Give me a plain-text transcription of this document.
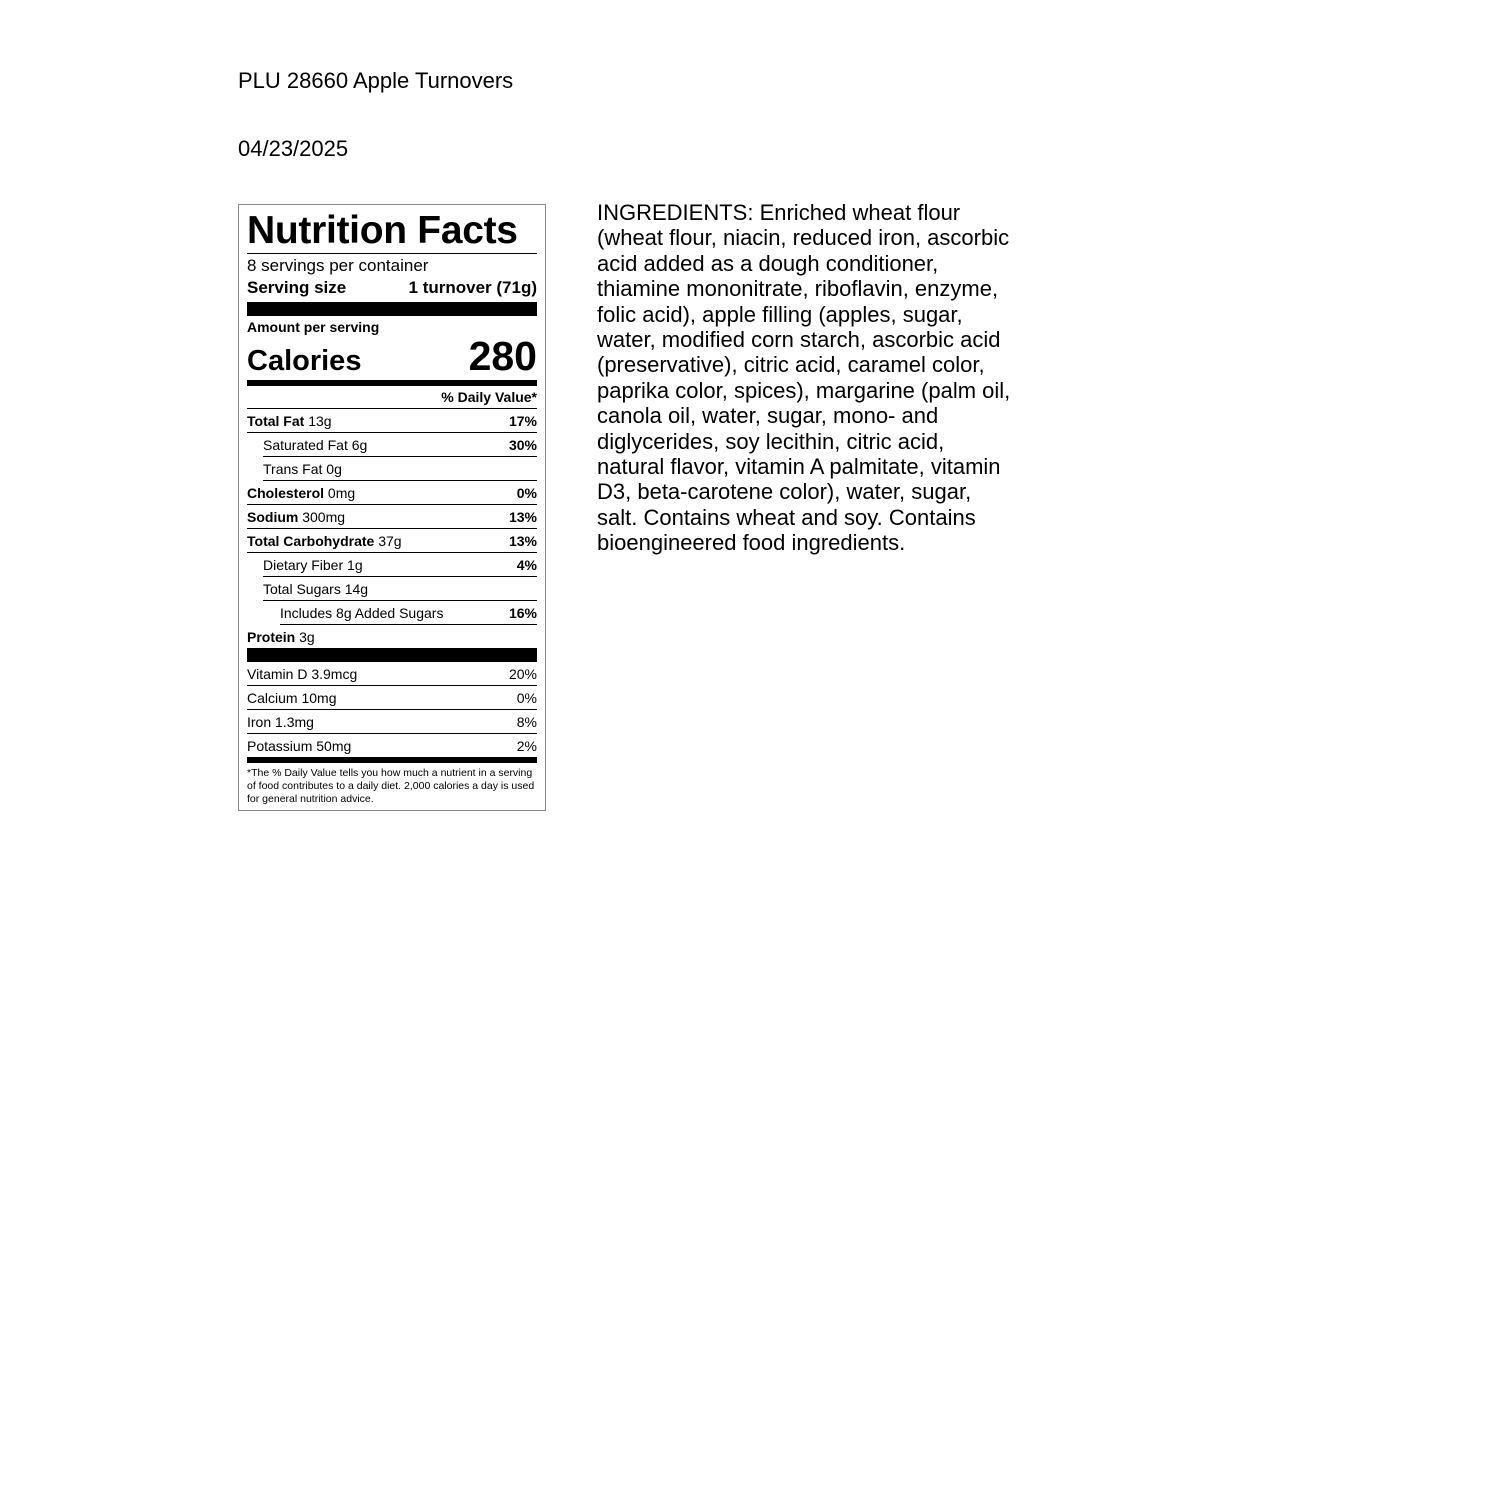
PLU 28660 Apple Turnovers
04/23/2025
Nutrition Facts
8 servings per container
Serving size	1 turnover (71g)
Amount per serving
Calories	280
% Daily Value*
Total Fat 13g	17%
Saturated Fat 6g	30%
Trans Fat 0g
Cholesterol 0mg	0%
Sodium 300mg	13%
Total Carbohydrate 37g	13%
Dietary Fiber 1g	4%
Total Sugars 14g
Includes 8g Added Sugars	16%
Protein 3g
Vitamin D 3.9mcg	20%
Calcium 10mg	0%
Iron 1.3mg	8%
Potassium 50mg	2%
*The % Daily Value tells you how much a nutrient in a serving of food contributes to a daily diet. 2,000 calories a day is used for general nutrition advice.
INGREDIENTS: Enriched wheat flour (wheat flour, niacin, reduced iron, ascorbic acid added as a dough conditioner, thiamine mononitrate, riboflavin, enzyme, folic acid), apple filling (apples, sugar, water, modified corn starch, ascorbic acid (preservative), citric acid, caramel color, paprika color, spices), margarine (palm oil, canola oil, water, sugar, mono- and diglycerides, soy lecithin, citric acid, natural flavor, vitamin A palmitate, vitamin D3, beta-carotene color), water, sugar, salt. Contains wheat and soy. Contains bioengineered food ingredients.
